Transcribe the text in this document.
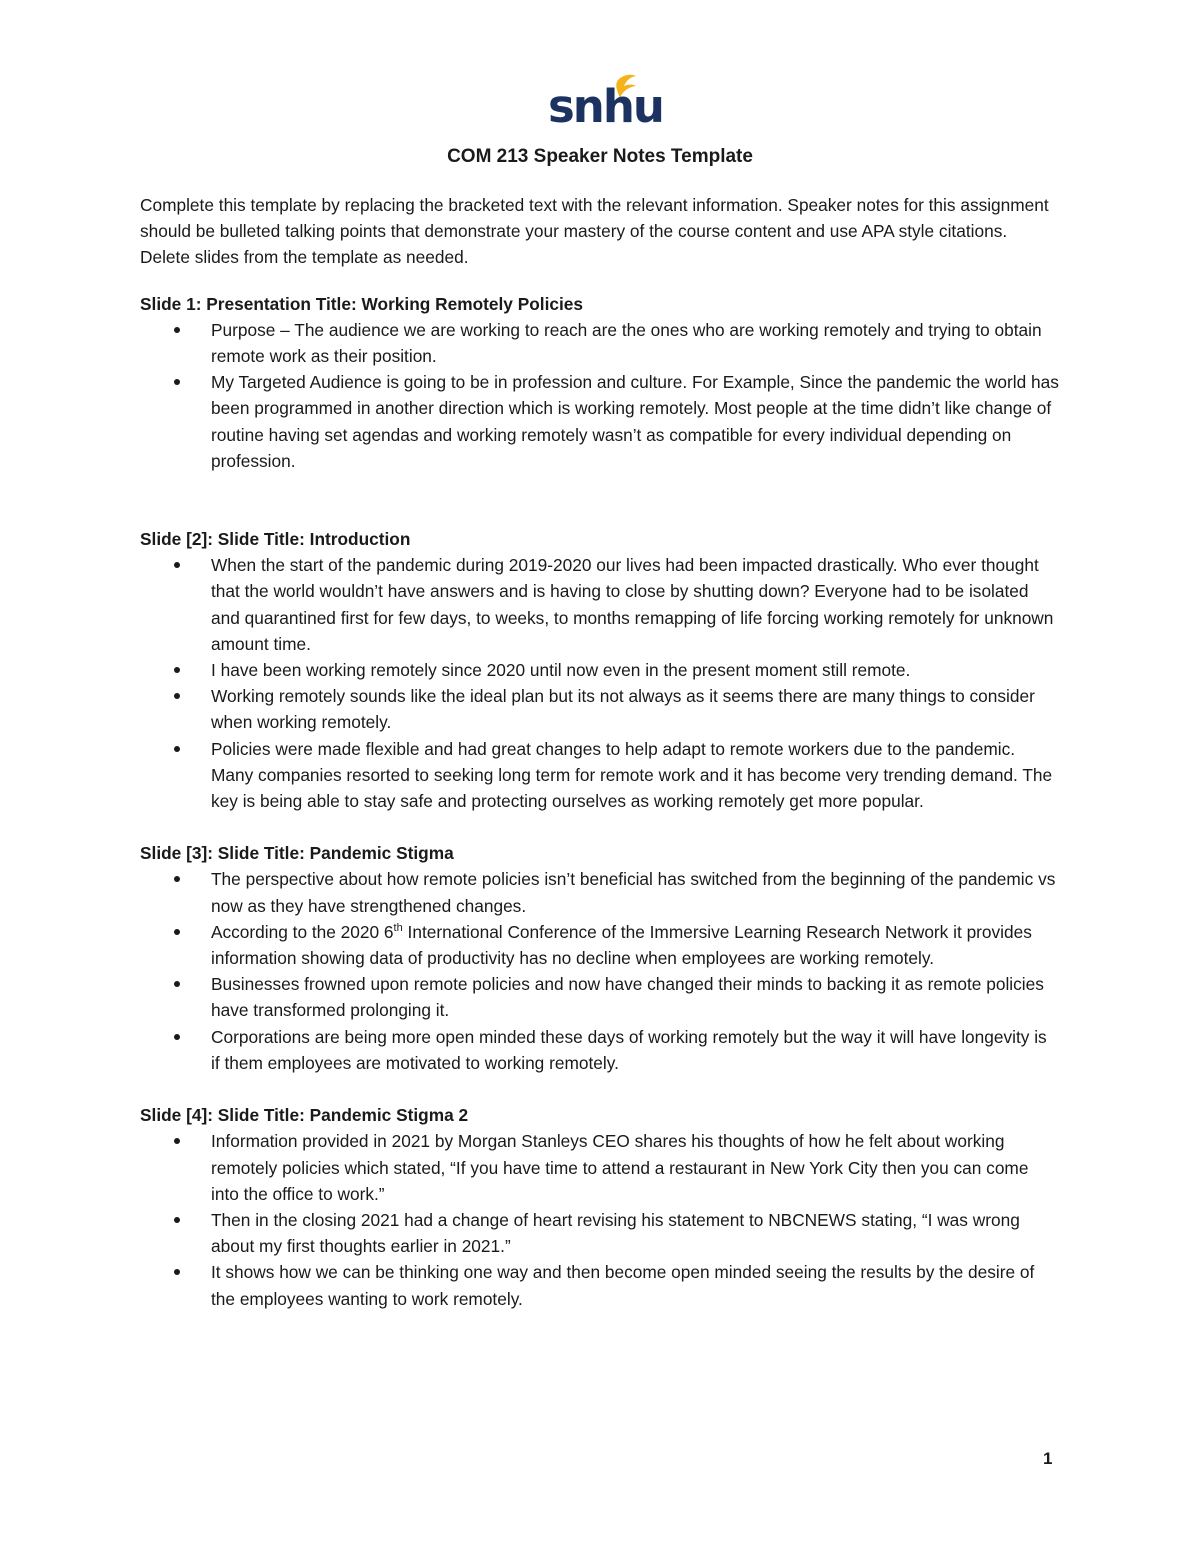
snhu
COM 213 Speaker Notes Template

Complete this template by replacing the bracketed text with the relevant information. Speaker notes for this assignment should be bulleted talking points that demonstrate your mastery of the course content and use APA style citations. Delete slides from the template as needed.

Slide 1: Presentation Title: Working Remotely Policies

Purpose – The audience we are working to reach are the ones who are working remotely and trying to obtain remote work as their position.
My Targeted Audience is going to be in profession and culture. For Example, Since the pandemic the world has been programmed in another direction which is working remotely. Most people at the time didn’t like change of routine having set agendas and working remotely wasn’t as compatible for every individual depending on profession.

Slide [2]: Slide Title: Introduction

When the start of the pandemic during 2019-2020 our lives had been impacted drastically. Who ever thought that the world wouldn’t have answers and is having to close by shutting down? Everyone had to be isolated and quarantined first for few days, to weeks, to months remapping of life forcing working remotely for unknown amount time.
I have been working remotely since 2020 until now even in the present moment still remote.
Working remotely sounds like the ideal plan but its not always as it seems there are many things to consider when working remotely.
Policies were made flexible and had great changes to help adapt to remote workers due to the pandemic. Many companies resorted to seeking long term for remote work and it has become very trending demand. The key is being able to stay safe and protecting ourselves as working remotely get more popular.

Slide [3]: Slide Title: Pandemic Stigma

The perspective about how remote policies isn’t beneficial has switched from the beginning of the pandemic vs now as they have strengthened changes.
According to the 2020 6th International Conference of the Immersive Learning Research Network it provides information showing data of productivity has no decline when employees are working remotely.
Businesses frowned upon remote policies and now have changed their minds to backing it as remote policies have transformed prolonging it.
Corporations are being more open minded these days of working remotely but the way it will have longevity is if them employees are motivated to working remotely.

Slide [4]: Slide Title: Pandemic Stigma 2

Information provided in 2021 by Morgan Stanleys CEO shares his thoughts of how he felt about working remotely policies which stated, “If you have time to attend a restaurant in New York City then you can come into the office to work.”
Then in the closing 2021 had a change of heart revising his statement to NBCNEWS stating, “I was wrong about my first thoughts earlier in 2021.”
It shows how we can be thinking one way and then become open minded seeing the results by the desire of the employees wanting to work remotely.
1
